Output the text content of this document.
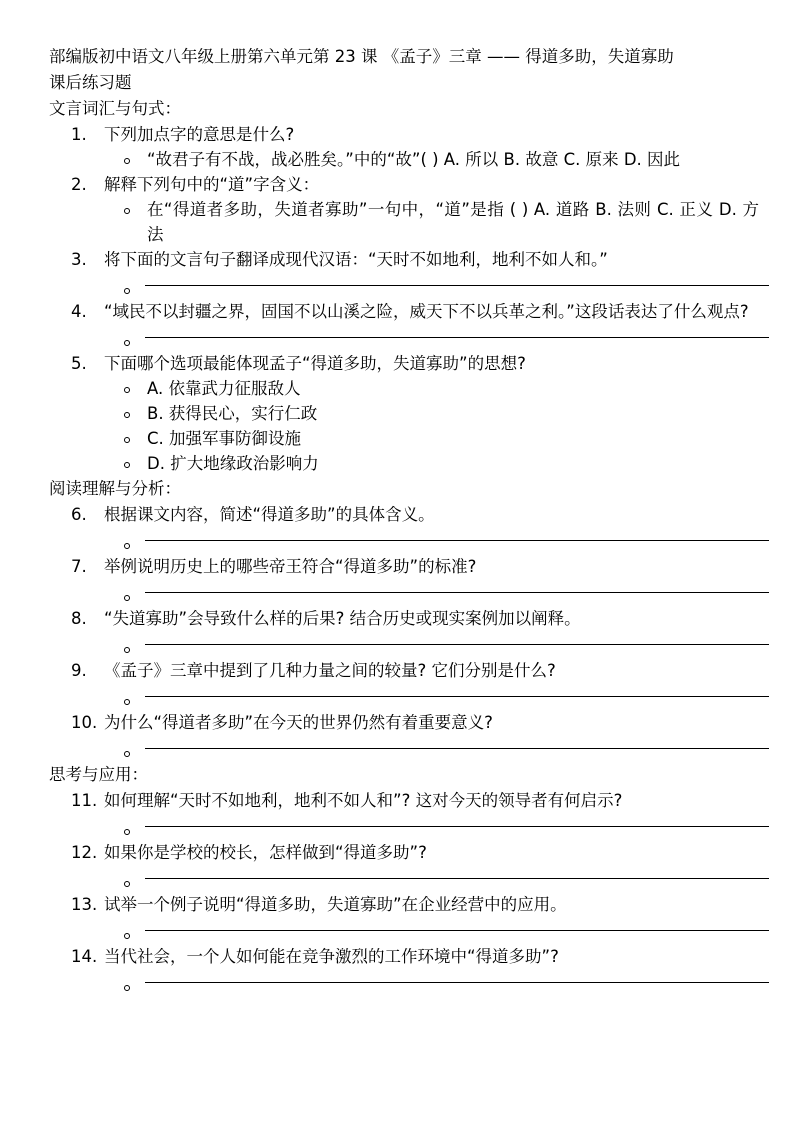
部编版初中语文八年级上册第六单元第 23 课 《孟子》三章 —— 得道多助，失道寡助

课后练习题

文言词汇与句式：

1.	下列加点字的意思是什么?
“故君子有不战，战必胜矣。”中的“故”( ) A. 所以 B. 故意 C. 原来 D. 因此
2.	解释下列句中的“道”字含义：
在“得道者多助，失道者寡助”一句中，“道”是指 ( ) A. 道路 B. 法则 C. 正义 D. 方法
3.	将下面的文言句子翻译成现代汉语：“天时不如地利，地利不如人和。”
4.	“域民不以封疆之界，固国不以山溪之险，威天下不以兵革之利。”这段话表达了什么观点?
5.	下面哪个选项最能体现孟子“得道多助，失道寡助”的思想?
A. 依靠武力征服敌人
B. 获得民心，实行仁政
C. 加强军事防御设施
D. 扩大地缘政治影响力

阅读理解与分析：

6.	根据课文内容，简述“得道多助”的具体含义。
7.	举例说明历史上的哪些帝王符合“得道多助”的标准?
8.	“失道寡助”会导致什么样的后果? 结合历史或现实案例加以阐释。
9.	《孟子》三章中提到了几种力量之间的较量? 它们分别是什么?
10. 为什么“得道者多助”在今天的世界仍然有着重要意义?

思考与应用：

11. 如何理解“天时不如地利，地利不如人和”? 这对今天的领导者有何启示?
12. 如果你是学校的校长，怎样做到“得道多助”?
13. 试举一个例子说明“得道多助，失道寡助”在企业经营中的应用。
14. 当代社会，一个人如何能在竞争激烈的工作环境中“得道多助”?
